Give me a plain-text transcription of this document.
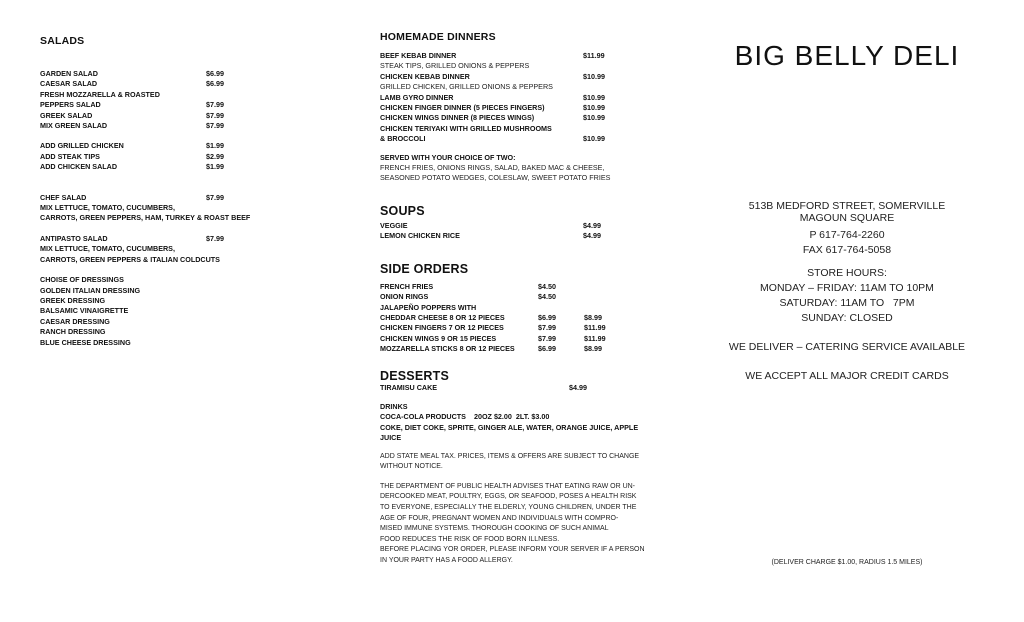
SALADS
GARDEN SALAD	$6.99
CAESAR SALAD	$6.99
FRESH MOZZARELLA & ROASTED
PEPPERS SALAD	$7.99
GREEK SALAD	$7.99
MIX GREEN SALAD	$7.99
ADD GRILLED CHICKEN	$1.99
ADD STEAK TIPS	$2.99
ADD CHICKEN SALAD	$1.99
CHEF SALAD	$7.99
MIX LETTUCE, TOMATO, CUCUMBERS,
CARROTS, GREEN PEPPERS, HAM, TURKEY & ROAST BEEF
ANTIPASTO SALAD	$7.99
MIX LETTUCE, TOMATO, CUCUMBERS,
CARROTS, GREEN PEPPERS & ITALIAN COLDCUTS
CHOISE OF DRESSINGS
GOLDEN ITALIAN DRESSING
GREEK DRESSING
BALSAMIC VINAIGRETTE
CAESAR DRESSING
RANCH DRESSING
BLUE CHEESE DRESSING
HOMEMADE DINNERS
BEEF KEBAB DINNER	$11.99
STEAK TIPS, GRILLED ONIONS & PEPPERS
CHICKEN KEBAB DINNER	$10.99
GRILLED CHICKEN, GRILLED ONIONS & PEPPERS
LAMB GYRO DINNER	$10.99
CHICKEN FINGER DINNER (5 PIECES FINGERS)	$10.99
CHICKEN WINGS DINNER (8 PIECES WINGS)	$10.99
CHICKEN TERIYAKI WITH GRILLED MUSHROOMS
& BROCCOLI	$10.99
SERVED WITH YOUR CHOICE OF TWO:
FRENCH FRIES, ONIONS RINGS, SALAD, BAKED MAC & CHEESE,
SEASONED POTATO WEDGES, COLESLAW, SWEET POTATO FRIES
SOUPS
VEGGIE	$4.99
LEMON CHICKEN RICE	$4.99
SIDE ORDERS
FRENCH FRIES	$4.50
ONION RINGS	$4.50
JALAPEÑO POPPERS WITH
CHEDDAR CHEESE 8 OR 12 PIECES	$6.99	$8.99
CHICKEN FINGERS 7 OR 12 PIECES	$7.99	$11.99
CHICKEN WINGS 9 OR 15 PIECES	$7.99	$11.99
MOZZARELLA STICKS 8 OR 12 PIECES	$6.99	$8.99
DESSERTS
TIRAMISU CAKE	$4.99
DRINKS
COCA-COLA PRODUCTS    20OZ $2.00  2LT. $3.00
COKE, DIET COKE, SPRITE, GINGER ALE, WATER, ORANGE JUICE, APPLE
JUICE
ADD STATE MEAL TAX. PRICES, ITEMS & OFFERS ARE SUBJECT TO CHANGE
WITHOUT NOTICE.
THE DEPARTMENT OF PUBLIC HEALTH ADVISES THAT EATING RAW OR UN-
DERCOOKED MEAT, POULTRY, EGGS, OR SEAFOOD, POSES A HEALTH RISK
TO EVERYONE, ESPECIALLY THE ELDERLY, YOUNG CHILDREN, UNDER THE
AGE OF FOUR, PREGNANT WOMEN AND INDIVIDUALS WITH COMPRO-
MISED IMMUNE SYSTEMS. THOROUGH COOKING OF SUCH ANIMAL
FOOD REDUCES THE RISK OF FOOD BORN ILLNESS.
BEFORE PLACING YOR ORDER, PLEASE INFORM YOUR SERVER IF A PERSON
IN YOUR PARTY HAS A FOOD ALLERGY.
BIG BELLY DELI
513B MEDFORD STREET, SOMERVILLE
MAGOUN SQUARE
P 617-764-2260
FAX 617-764-5058
STORE HOURS:
MONDAY – FRIDAY: 11AM TO 10PM
SATURDAY: 11AM TO   7PM
SUNDAY: CLOSED
WE DELIVER – CATERING SERVICE AVAILABLE
WE ACCEPT ALL MAJOR CREDIT CARDS
(DELIVER CHARGE $1.00, RADIUS 1.5 MILES)
